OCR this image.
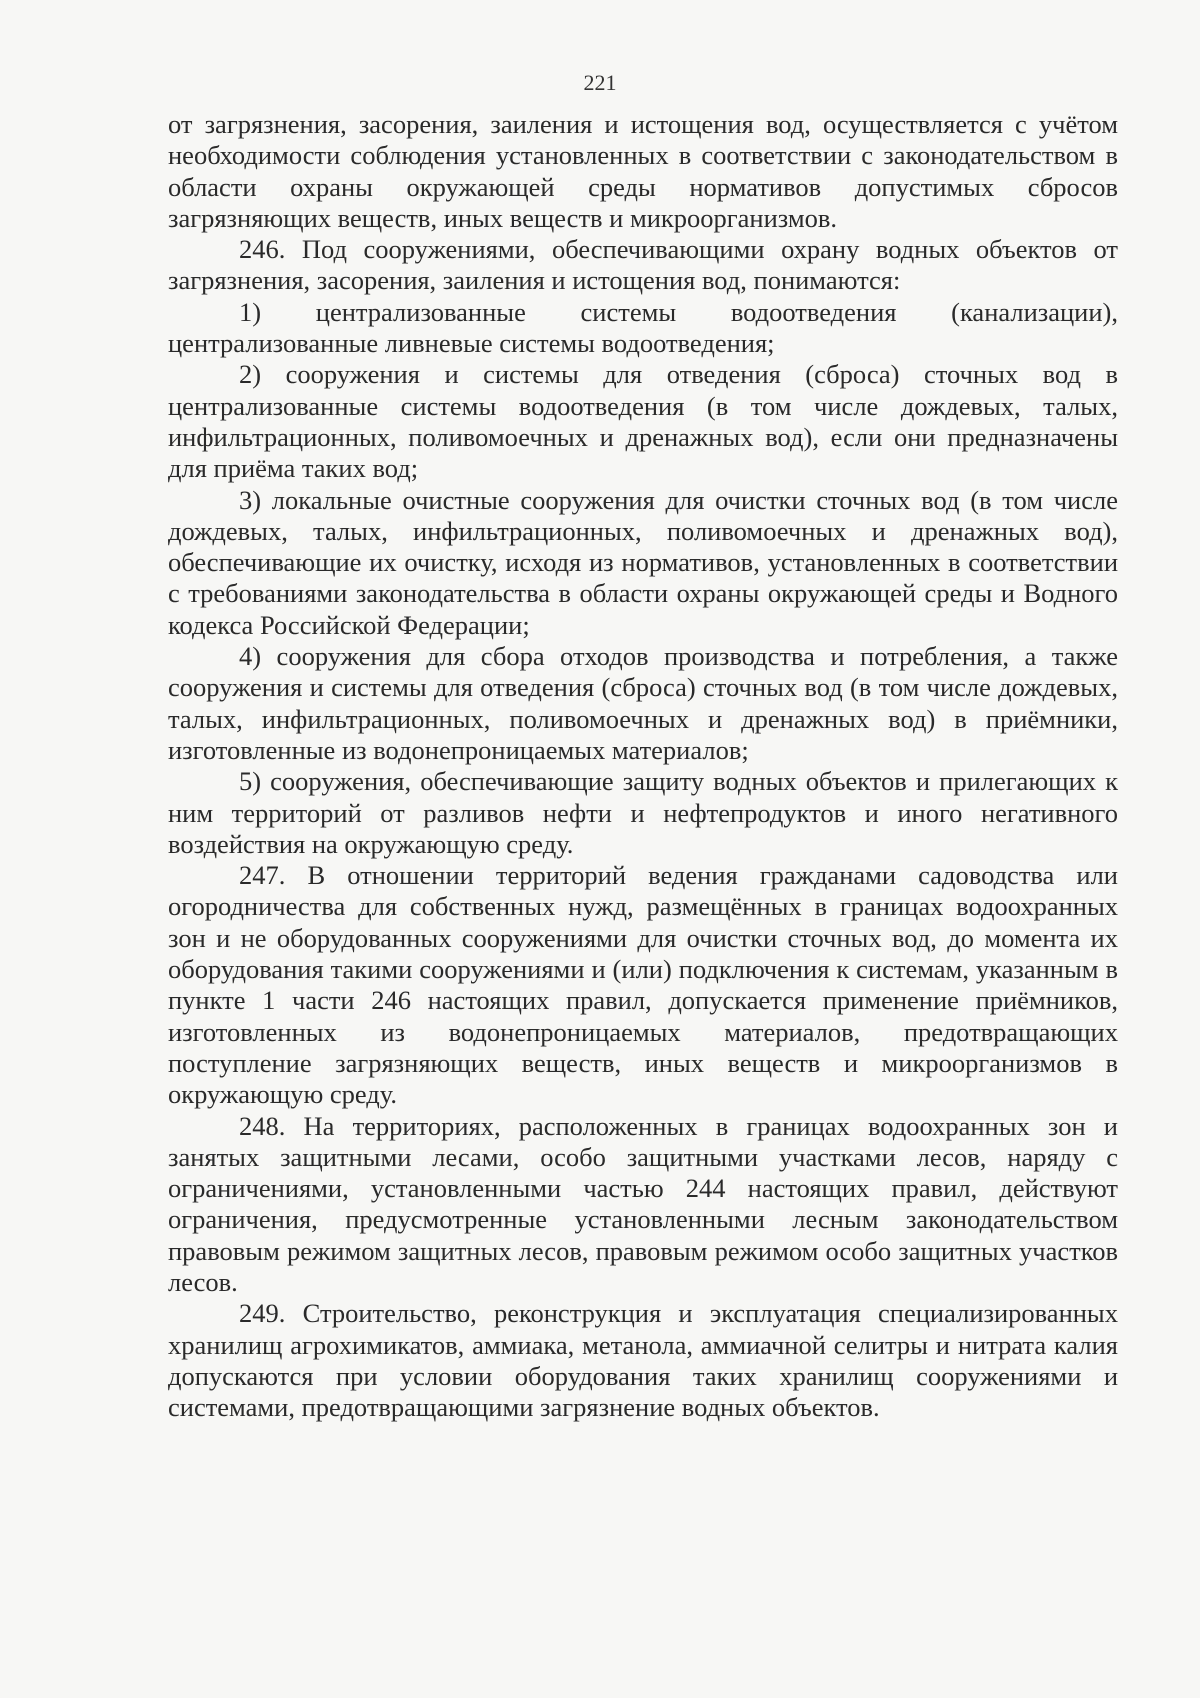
221

от загрязнения, засорения, заиления и истощения вод, осуществляется с учётом необходимости соблюдения установленных в соответствии с законодательством в области охраны окружающей среды нормативов допустимых сбросов загрязняющих веществ, иных веществ и микроорганизмов.

246. Под сооружениями, обеспечивающими охрану водных объектов от загрязнения, засорения, заиления и истощения вод, понимаются:

1) централизованные системы водоотведения (канализации), централизованные ливневые системы водоотведения;

2) сооружения и системы для отведения (сброса) сточных вод в централизованные системы водоотведения (в том числе дождевых, талых, инфильтрационных, поливомоечных и дренажных вод), если они предназначены для приёма таких вод;

3) локальные очистные сооружения для очистки сточных вод (в том числе дождевых, талых, инфильтрационных, поливомоечных и дренажных вод), обеспечивающие их очистку, исходя из нормативов, установленных в соответствии с требованиями законодательства в области охраны окружающей среды и Водного кодекса Российской Федерации;

4) сооружения для сбора отходов производства и потребления, а также сооружения и системы для отведения (сброса) сточных вод (в том числе дождевых, талых, инфильтрационных, поливомоечных и дренажных вод) в приёмники, изготовленные из водонепроницаемых материалов;

5) сооружения, обеспечивающие защиту водных объектов и прилегающих к ним территорий от разливов нефти и нефтепродуктов и иного негативного воздействия на окружающую среду.

247. В отношении территорий ведения гражданами садоводства или огородничества для собственных нужд, размещённых в границах водоохранных зон и не оборудованных сооружениями для очистки сточных вод, до момента их оборудования такими сооружениями и (или) подключения к системам, указанным в пункте 1 части 246 настоящих правил, допускается применение приёмников, изготовленных из водонепроницаемых материалов, предотвращающих поступление загрязняющих веществ, иных веществ и микроорганизмов в окружающую среду.

248. На территориях, расположенных в границах водоохранных зон и занятых защитными лесами, особо защитными участками лесов, наряду с ограничениями, установленными частью 244 настоящих правил, действуют ограничения, предусмотренные установленными лесным законодательством правовым режимом защитных лесов, правовым режимом особо защитных участков лесов.

249. Строительство, реконструкция и эксплуатация специализированных хранилищ агрохимикатов, аммиака, метанола, аммиачной селитры и нитрата калия допускаются при условии оборудования таких хранилищ сооружениями и системами, предотвращающими загрязнение водных объектов.
